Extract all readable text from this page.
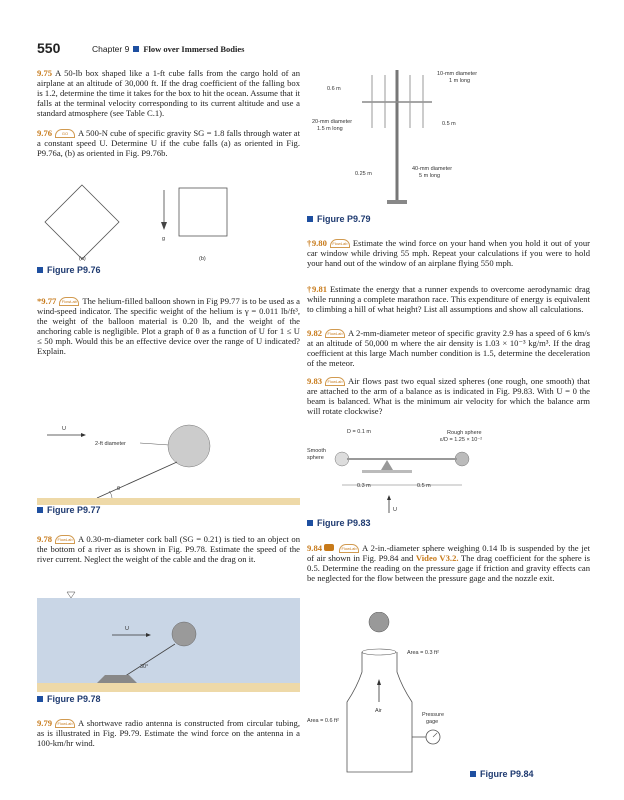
550	Chapter 9 Flow over Immersed Bodies
9.75 A 50-lb box shaped like a 1-ft cube falls from the cargo hold of an airplane at an altitude of 30,000 ft. If the drag coefficient of the falling box is 1.2, determine the time it takes for the box to hit the ocean. Assume that it falls at the terminal velocity corresponding to its current altitude and use a standard atmosphere (see Table C.1).
9.76 GO A 500-N cube of specific gravity SG = 1.8 falls through water at a constant speed U. Determine U if the cube falls (a) as oriented in Fig. P9.76a, (b) as oriented in Fig. P9.76b.
g
(a)	(b)
Figure P9.76
*9.77 FlowLab The helium-filled balloon shown in Fig P9.77 is to be used as a wind-speed indicator. The specific weight of the helium is γ = 0.011 lb/ft³, the weight of the balloon material is 0.20 lb, and the weight of the anchoring cable is negligible. Plot a graph of θ as a function of U for 1 ≤ U ≤ 50 mph. Would this be an effective device over the range of U indicated? Explain.
U
2-ft diameter
θ
Figure P9.77
9.78 FlowLab A 0.30-m-diameter cork ball (SG = 0.21) is tied to an object on the bottom of a river as is shown in Fig. P9.78. Estimate the speed of the river current. Neglect the weight of the cable and the drag on it.
U
30°
Figure P9.78
9.79 FlowLab A shortwave radio antenna is constructed from circular tubing, as is illustrated in Fig. P9.79. Estimate the wind force on the antenna in a 100-km/hr wind.
10-mm diameter
1 m long
0.6 m
20-mm diameter
1.5 m long
0.5 m
0.25 m
40-mm diameter
5 m long
Figure P9.79
†9.80 FlowLab Estimate the wind force on your hand when you hold it out of your car window while driving 55 mph. Repeat your calculations if you were to hold your hand out of the window of an airplane flying 550 mph.
†9.81 Estimate the energy that a runner expends to overcome aerodynamic drag while running a complete marathon race. This expenditure of energy is equivalent to climbing a hill of what height? List all assumptions and show all calculations.
9.82 FlowLab A 2-mm-diameter meteor of specific gravity 2.9 has a speed of 6 km/s at an altitude of 50,000 m where the air density is 1.03 × 10⁻³ kg/m³. If the drag coefficient at this large Mach number condition is 1.5, determine the deceleration of the meteor.
9.83 FlowLab Air flows past two equal sized spheres (one rough, one smooth) that are attached to the arm of a balance as is indicated in Fig. P9.83. With U = 0 the beam is balanced. What is the minimum air velocity for which the balance arm will rotate clockwise?
D = 0.1 m	Rough sphere
ε/D = 1.25 × 10⁻²
Smooth
sphere
0.3 m	0.5 m
U
Figure P9.83
9.84	FlowLab A 2-in.-diameter sphere weighing 0.14 lb is suspended by the jet of air shown in Fig. P9.84 and Video V3.2. The drag coefficient for the sphere is 0.5. Determine the reading on the pressure gage if friction and gravity effects can be neglected for the flow between the pressure gage and the nozzle exit.
Area = 0.3 ft²
Area = 0.6 ft²
Air
Pressure
gage
Figure P9.84
